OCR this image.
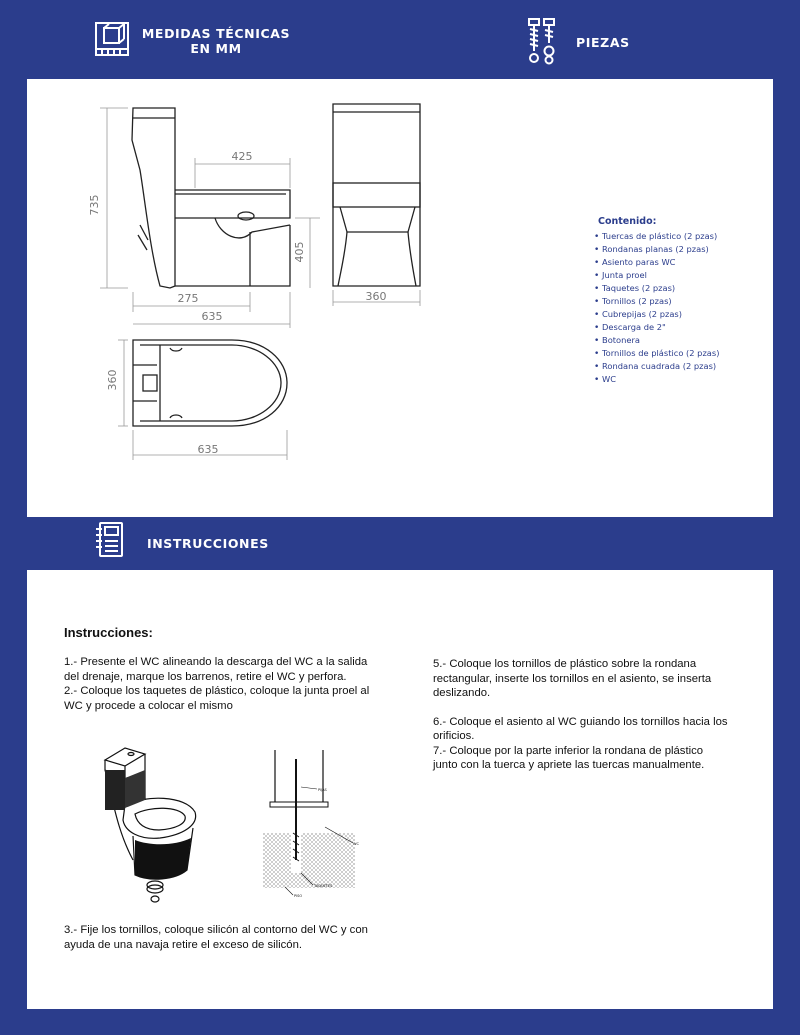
MEDIDAS TÉCNICAS
EN MM	PIEZAS
735
425
405
275
635
360
360
635
Contenido:
• Tuercas de plástico (2 pzas)
• Rondanas planas (2 pzas)
• Asiento paras WC
• Junta proel
• Taquetes (2 pzas)
• Tornillos (2 pzas)
• Cubrepijas (2 pzas)
• Descarga de 2"
• Botonera
• Tornillos de plástico (2 pzas)
• Rondana cuadrada (2 pzas)
• WC
INSTRUCCIONES
Instrucciones:
1.- Presente el WC alineando la descarga del WC a la salida
del drenaje, marque los barrenos, retire el WC y perfora.
2.- Coloque los taquetes de plástico, coloque la junta proel al
WC y procede a colocar el mismo
5.- Coloque los tornillos de plástico sobre la rondana
rectangular, inserte los tornillos en el asiento, se inserta
deslizando.
6.- Coloque el asiento al WC guiando los tornillos hacia los
orificios.
7.- Coloque por la parte inferior la rondana de plástico
junto con la tuerca y apriete las tuercas manualmente.
3.- Fije los tornillos, coloque silicón al contorno del WC y con
ayuda de una navaja retire el exceso de silicón.
PIJAS
WC
TAQUETES
PISO
